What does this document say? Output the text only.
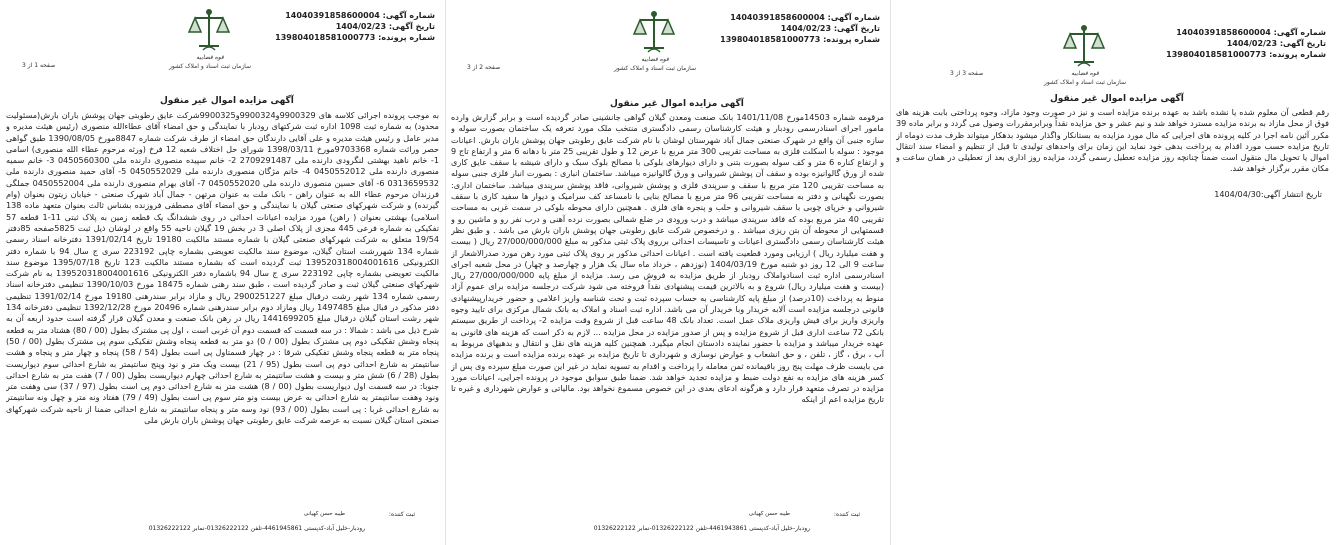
شماره آگهی: 14040391858600004
تاریخ آگهی: 1404/02/23
شماره پرونده: 139804018581000773
قوه قضاییه
سازمان ثبت اسناد و املاک کشور
صفحه 1 از 3
آگهی مزایده اموال غیر منقول
به موجب پرونده اجرائی کلاسه های 9900329و9900324و9900325شرکت عایق رطوبتی جهان پوشش باران بارش(مسئولیت محدود) به شماره ثبت 1098 اداره ثبت شرکتهای رودبار با نمایندگی و حق امضاء آقای عطاءالله منصوری (رئیس هیئت مدیره و مدیر عامل و رئیس هیئت مدیره و علی آقایی دارندگان حق امضاء از طرف شرکت شماره 8847مورخ 1390/08/05 طبق گواهی حصر وراثت شماره 9703368مورخ 1398/03/11 شورای حل اختلاف شعبه 12 فرخ (ورثه مرحوم عطاء الله منصوری) اسامی 1- خانم ناهید بهشتی لنگرودی دارنده ملی 2709291487 2- خانم سپیده منصوری دارنده ملی 0450560300 3- خانم سمیه منصوری دارنده ملی 0450552012 4- خانم مژگان منصوری دارنده ملی 0450552029 5- آقای حمید منصوری دارنده ملی 0313659532 6- آقای حسین منصوری دارنده ملی 0450552020 7- آقای بهرام منصوری دارنده ملی 0450552004 جملگی فرزندان مرحوم عطاء الله به عنوان راهن - بانک ملت به عنوان مرتهن - جمال آباد شهرک صنعتی - خیابان زیتون بعنوان (وام گیرنده) و شرکت شهرکهای صنعتی گیلان با نمایندگی و حق امضاء آقای مصطفی فروزنده بشناس ثالث بعنوان متعهد ماده 138 اسلامی) بهشتی بعنوان ( راهن) مورد مزایده اعیانات احداثی در روی ششدانگ یک قطعه زمین به پلاک ثبتی 11-1 قطعه 57 تفکیکی به شماره فرعی 445 مجزی از پلاک اصلی 3 در بخش 19 گیلان ناحیه 55 واقع در لوشان ذیل ثبت 5825صفحه 85دفتر 19/54 متعلق به شرکت شهرکهای صنعتی گیلان با شماره مستند مالکیت 19180 تاریخ 1391/02/14 دفترخانه اسناد رسمی شماره 134 شهررشت استان گیلان، موضوع سند مالکیت تعویضی بشماره چاپی 223192 سری ج سال 94 با شماره دفتر الکترونیکی 139520318004001616 ثبت گردیده است که بشماره مستند مالکیت 123 تاریخ 1395/07/18 موضوع سند مالکیت تعویضی بشماره چاپی 223192 سری ج سال 94 باشماره دفتر الکترونیکی 139520318004001616 به نام شرکت شهرکهای صنعتی گیلان ثبت و صادر گردیده است ، طبق سند رهنی شماره 18475 مورخ 1390/10/03 تنظیمی دفترخانه اسناد رسمی شماره 134 شهر رشت درقبال مبلغ 2900251227 ریال و مازاد برابر سندرهنی 19180 مورخ 1391/02/14 تنظیمی دفتر مذکور در قبال مبلغ 1497485 ریال ومازاد دوم برابر سندرهنی شماره 20496 مورخ 1392/12/28 تنظیمی دفترخانه 134 شهر رشت استان گیلان درقبال مبلغ 1441699205 ریال در رهن بانک صنعت و معدن گیلان قرار گرفته است حدود اربعه آن به شرح ذیل می باشد : شمالا : در سه قسمت که قسمت دوم آن غربی است ، اول پی مشترک بطول (00 / 80) هشتاد متر به قطعه پنجاه وشش تفکیکی دوم پی مشترک بطول (00 / 0) دو متر به قطعه پنجاه وشش تفکیکی سوم پی مشترک بطول (00 / 50) پنجاه متر به قطعه پنجاه وشش تفکیکی شرقا : در چهار قسمتاول پی است بطول (54 / 58) پنجاه و چهار متر و پنجاه و هشت سانتیمتر به شارع احداثی دوم پی است بطول (95 / 21) بیست ویک متر و نود وپنج سانتیمتر به شارع احداثی سوم دیواریست بطول (28 / 6) شش متر و بیست و هشت سانتیمتر به شارع احداثی چهارم دیواریست بطول (00 / 7) هفت متر به شارع احداثی جنوبا: در سه قسمت اول دیواریست بطول (00 / 8) هشت متر به شارع احداثی دوم پی است بطول (97 / 37) سی وهفت متر ونود وهفت سانتیمتر به شارع احداثی به عرض بیست ونو متر سوم پی است بطول (49 / 79) هفتاد ونه متر و چهل ونه سانتیمتر به شارع احداثی غربا : پی است بطول (00 / 93) نود وسه متر و پنجاه سانتیمتر به شارع احداثی ضمنا از ناحیه شرکت شهرکهای صنعتی استان گیلان نسبت به عرصه شرکت عایق رطوبتی جهان پوشش باران بارش ملی
ثبت کننده:
طیبه حسن کهیانی
رودبار-خلیل آباد-کدپستی 4461945861-تلفن 01326222122-نمابر 01326222122
شماره آگهی: 14040391858600004
تاریخ آگهی: 1404/02/23
شماره پرونده: 139804018581000773
قوه قضاییه
سازمان ثبت اسناد و املاک کشور
صفحه 2 از 3
آگهی مزایده اموال غیر منقول
مرقومه شماره 14503مورخ 1401/11/08 بانک صنعت ومعدن گیلان گواهی جانشینی صادر گردیده است و برابر گزارش وارده مامور اجرای اسنادرسمی رودبار و هیئت کارشناسان رسمی دادگستری منتخب ملک مورد تعرفه یک ساختمان بصورت سوله و سازه جنبی آن واقع در شهرک صنعتی جمال آباد شهرستان لوشان با نام شرکت عایق رطوبتی جهان پوشش باران بارش. اعیانات موجود : سوله با اسکلت فلزی به مساحت تقریبی 300 متر مربع با عرض 12 و طول تقریبی 25 متر با دهانه 6 متر و ارتفاع تاج 9 و ارتفاع کناره 6 متر و کف سوله بصورت بتنی و دارای دیوارهای بلوکی با مصالح بلوک سبک و دارای شیشه با سقف عایق کاری شده از ورق گالوانیزه بوده و سقف آن پوشش شیروانی و ورق گالوانیزه میباشد. ساختمان انباری : بصورت انبار فلزی جنبی سوله به مساحت تقریبی 120 متر مربع با سقف و سرپندی فلزی و پوشش شیروانی، فاقد پوشش سرپندی میباشد. ساختمان اداری: بصورت نگهبانی و دفتر به مساحت تقریبی 96 متر مربع با مصالح بنایی با نامساعد کف سرامیک و دیوار ها سفید کاری با سقف شیروانی و خرپای چوبی با سقف شیروانی و حلب و پنجره های فلزی . همچنین دارای محوطه بلوکی در سمت غربی به مساحت تقریبی 40 متر مربع بوده که فاقد سرپندی میباشد و درب ورودی در ضلع شمالی بصورت نرده آهنی و درب نفر رو و ماشین رو و قسمتهایی از محوطه آن بتن ریزی میباشد . و درخصوص شرکت عایق رطوبتی جهان پوشش باران بارش می باشد . و طبق نظر هیئت کارشناسان رسمی دادگستری اعیانات و تاسیسات احداثی برروی پلاک ثبتی مذکور به مبلغ 27/000/000/000 ریال ( بیست و هفت میلیارد ریال ) ارزیابی ومورد قطعیت یافته است . اعیانات احداثی مذکور بر روی پلاک ثبتی مورد رهن مورد صدرالاشعار از ساعت 9 الی 12 روز دو شنبه مورخ 1404/03/19 (نوزدهم ، خرداد ماه سال یک هزار و چهارصد و چهار) در محل شعبه اجرای اسنادرسمی اداره ثبت اسنادواملاک رودبار از طریق مزایده به فروش می رسد. مزایده از مبلغ پایه 27/000/000/000 ریال (بیست و هفت میلیارد ریال) شروع و به بالاترین قیمت پیشنهادی نقداً فروخته می شود شرکت درجلسه مزایده برای عموم آزاد منوط به پرداخت (10درصد) از مبلغ پایه کارشناسی به حساب سپرده ثبت و تحت شناسه واریز اعلامی و حضور خریدارپیشنهادی قانونی درجلسه مزایده است آلابه خریدار وبا خریدار آن می باشد. اداره ثبت اسناد و املاک به بانک شمال مرکزی برای تایید وجوه واریزی واریز برای فیش واریزی ملاک عمل است. تعداد بانک 48 ساعت قبل از شروع وقت مزایده 2- پرداخت از طریق سیستم بانکی 72 ساعت اداری قبل از شروع مزایده و پس از صدور مزایده در محل مزایده ... لازم به ذکر است که هزینه های قانونی به عهده خریدار میباشد و مزایده با حضور نماینده دادستان انجام میگیرد. همچنین کلیه هزینه های نقل و انتقال و بدهیهای مربوط به آب ، برق ، گاز ، تلفن ، و حق انشعاب و عوارض نوسازی و شهرداری تا تاریخ مزایده بر عهده برنده مزایده است و برنده مزایده می بایست ظرف مهلت پنج روز باقیمانده ثمن معامله را پرداخت و اقدام به تسویه نماید در غیر این صورت مبلغ سپرده وی پس از کسر هزینه های مزایده به نفع دولت ضبط و مزایده تجدید خواهد شد. ضمنا طبق سوابق موجود در پرونده اجرایی، اعیانات مورد مزایده در تصرف متعهد قرار دارد و هرگونه ادعای بعدی در این خصوص مسموع نخواهد بود. مالیاتی و عوارض شهرداری و غیره تا تاریخ مزایده اعم از اینکه
ثبت کننده:
طیبه حسن کهیانی
رودبار-خلیل آباد-کدپستی 4461943861-تلفن 01326222122-نمابر 01326222122
شماره آگهی: 14040391858600004
تاریخ آگهی: 1404/02/23
شماره پرونده: 139804018581000773
قوه قضاییه
سازمان ثبت اسناد و املاک کشور
صفحه 3 از 3
آگهی مزایده اموال غیر منقول
رقم قطعی آن معلوم شده یا نشده باشد به عهده برنده مزایده است و نیز در صورت وجود مازاد، وجوه پرداختی بابت هزینه های فوق از محل مازاد به برنده مزایده مسترد خواهد شد و نیم عشر و حق مزایده نقداً وبرابرمقررات وصول می گردد و برابر ماده 39 مکرر آئین نامه اجرا در کلیه پرونده های اجرایی که مال مورد مزایده به بستانکار واگذار میشود بدهکار میتواند ظرف مدت دوماه از تاریخ مزایده حسب مورد اقدام به پرداخت بدهی خود نماید این زمان برای واحدهای تولیدی تا قبل از تنظیم و امضاء سند انتقال اموال یا تحویل مال منقول است ضمناً چنانچه روز مزایده تعطیل رسمی گردد، مزایده روز اداری بعد از تعطیلی در همان ساعت و مکان مقرر برگزار خواهد شد.
تاریخ انتشار آگهی:1404/04/30
